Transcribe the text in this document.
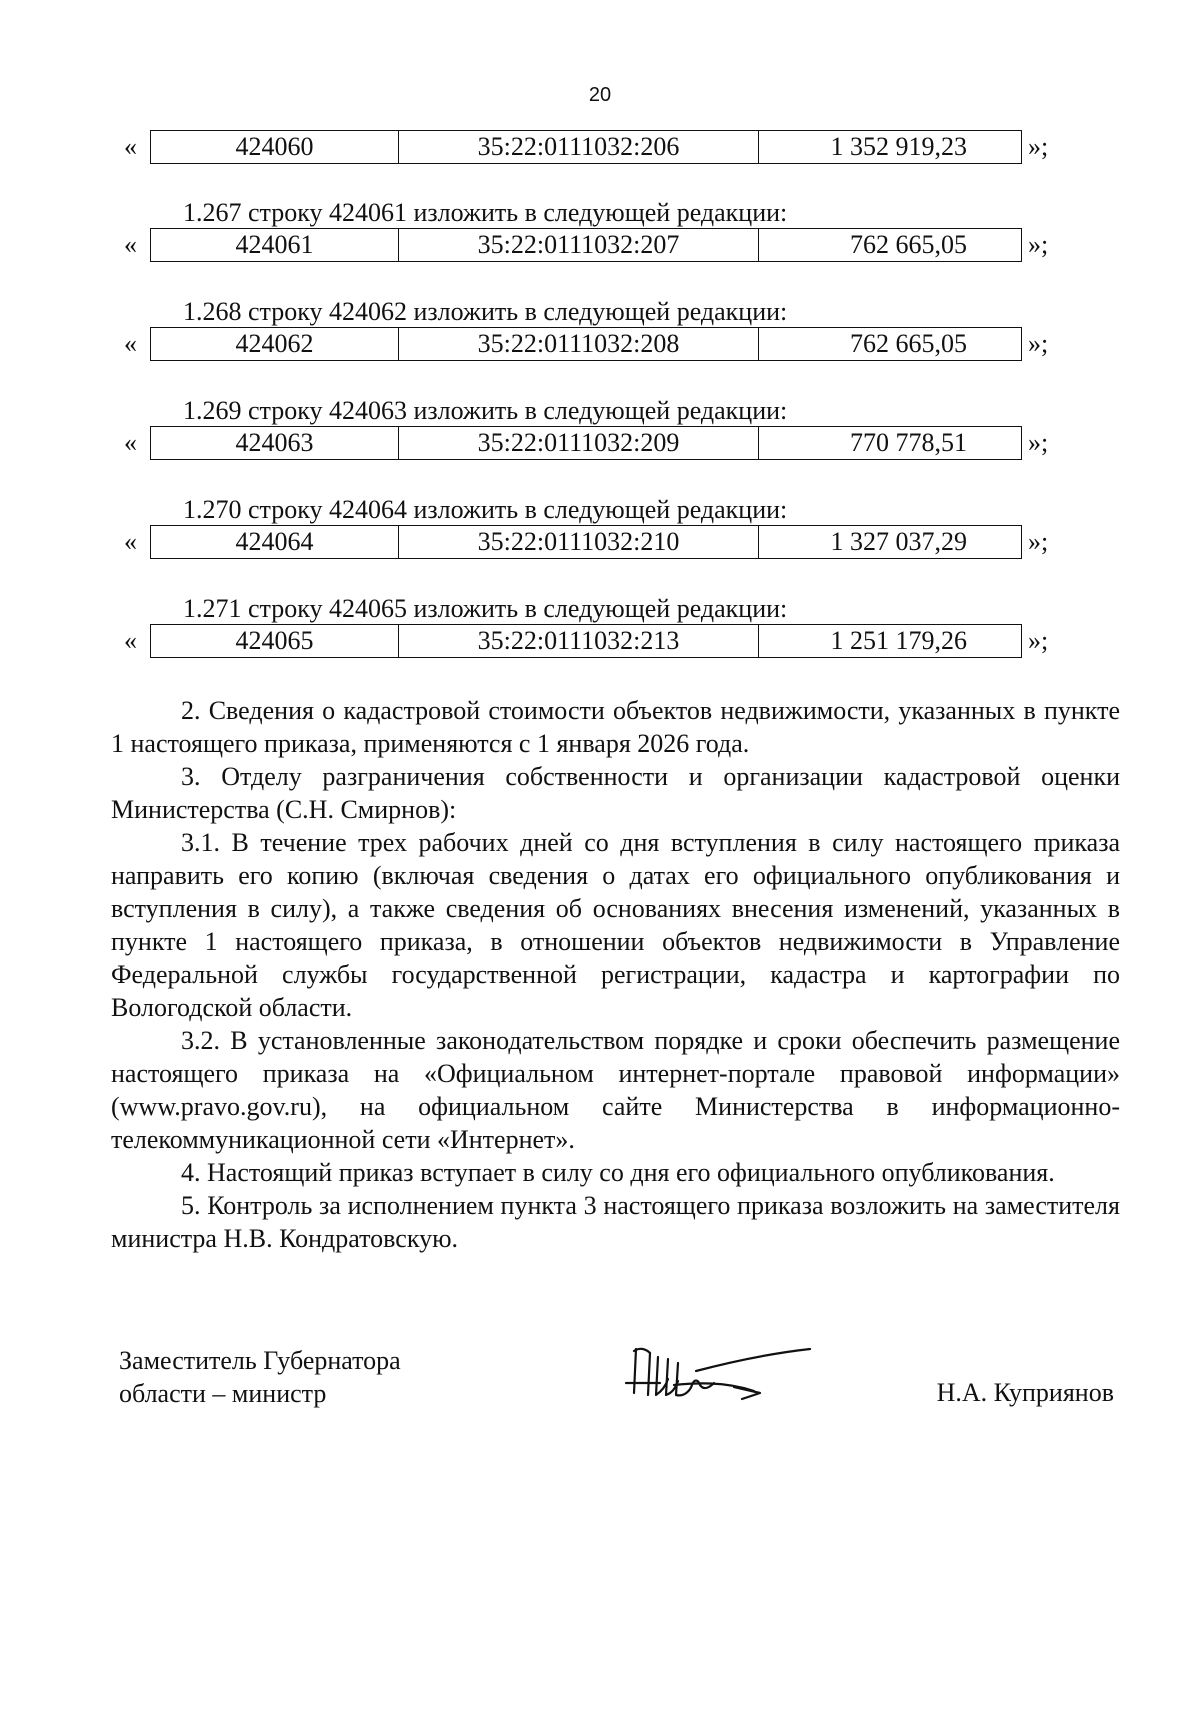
20
«	424060	35:22:0111032:206	1 352 919,23	»;
1.267 строку 424061 изложить в следующей редакции:
«	424061	35:22:0111032:207	762 665,05	»;
1.268 строку 424062 изложить в следующей редакции:
«	424062	35:22:0111032:208	762 665,05	»;
1.269 строку 424063 изложить в следующей редакции:
«	424063	35:22:0111032:209	770 778,51	»;
1.270 строку 424064 изложить в следующей редакции:
«	424064	35:22:0111032:210	1 327 037,29	»;
1.271 строку 424065 изложить в следующей редакции:
«	424065	35:22:0111032:213	1 251 179,26	»;

2. Сведения о кадастровой стоимости объектов недвижимости, указанных в пункте 1 настоящего приказа, применяются с 1 января 2026 года.

3. Отделу разграничения собственности и организации кадастровой оценки Министерства (С.Н. Смирнов):

3.1. В течение трех рабочих дней со дня вступления в силу настоящего приказа направить его копию (включая сведения о датах его официального опубликования и вступления в силу), а также сведения об основаниях внесения изменений, указанных в пункте 1 настоящего приказа, в отношении объектов недвижимости в Управление Федеральной службы государственной регистрации, кадастра и картографии по Вологодской области.

3.2. В установленные законодательством порядке и сроки обеспечить размещение настоящего приказа на «Официальном интернет-портале правовой информации» (www.pravo.gov.ru), на официальном сайте Министерства в информационно-телекоммуникационной сети «Интернет».

4. Настоящий приказ вступает в силу со дня его официального опубликования.

5. Контроль за исполнением пункта 3 настоящего приказа возложить на заместителя министра Н.В. Кондратовскую.

Заместитель Губернатора
области – министр	Н.А. Куприянов
